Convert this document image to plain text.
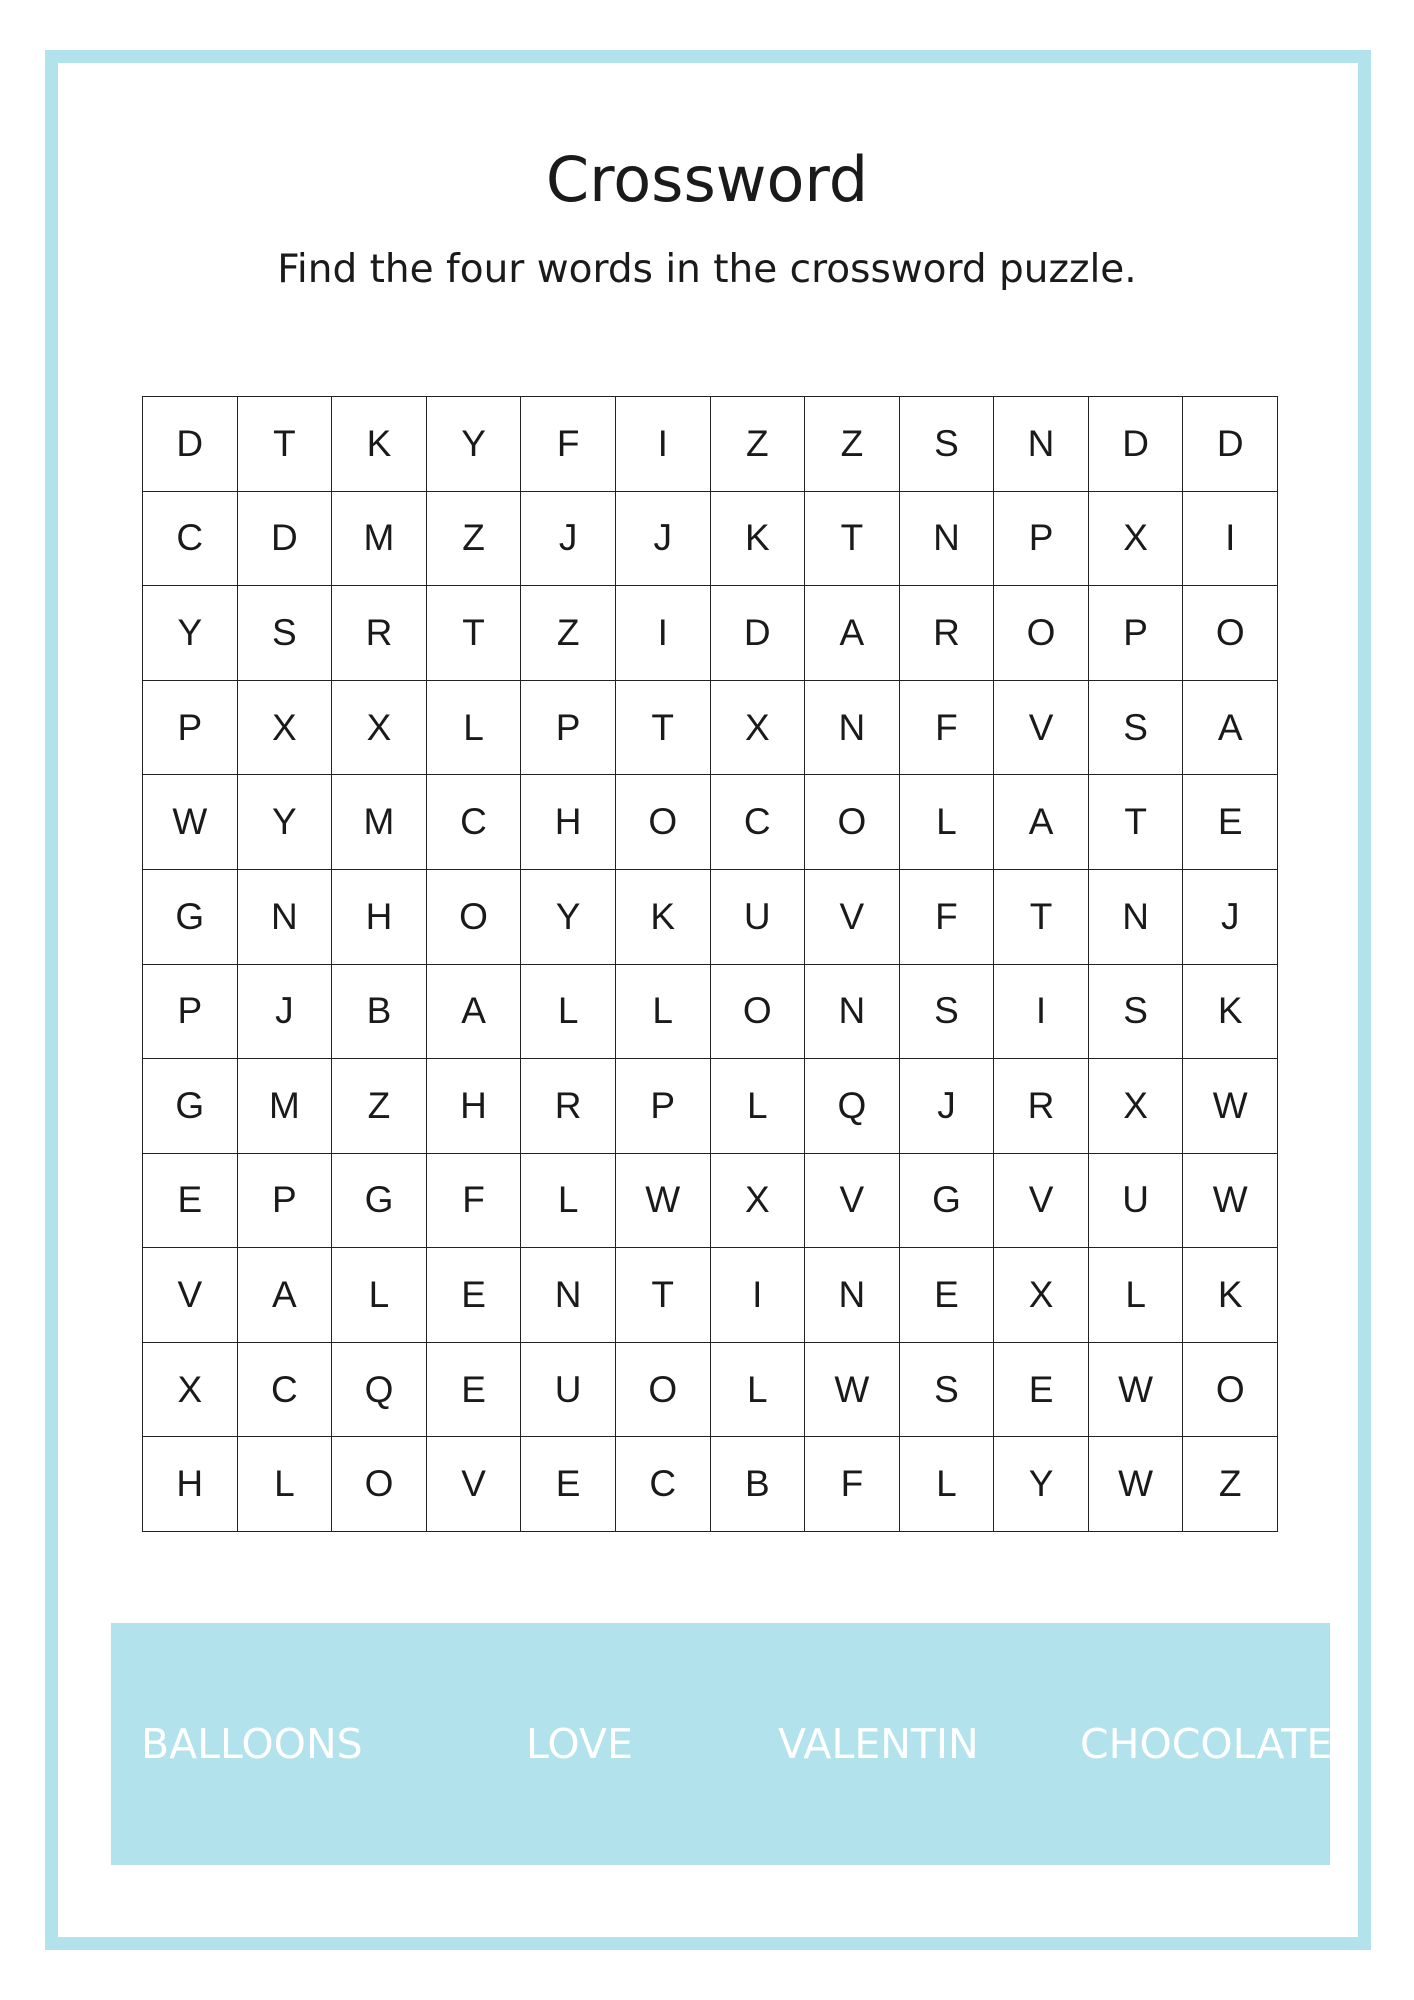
Crossword
Find the four words in the crossword puzzle.
D	T	K	Y	F	I	Z	Z	S	N	D	D
C	D	M	Z	J	J	K	T	N	P	X	I
Y	S	R	T	Z	I	D	A	R	O	P	O
P	X	X	L	P	T	X	N	F	V	S	A
W	Y	M	C	H	O	C	O	L	A	T	E
G	N	H	O	Y	K	U	V	F	T	N	J
P	J	B	A	L	L	O	N	S	I	S	K
G	M	Z	H	R	P	L	Q	J	R	X	W
E	P	G	F	L	W	X	V	G	V	U	W
V	A	L	E	N	T	I	N	E	X	L	K
X	C	Q	E	U	O	L	W	S	E	W	O
H	L	O	V	E	C	B	F	L	Y	W	Z
BALLOONS	LOVE	VALENTIN CHOCOLATE
